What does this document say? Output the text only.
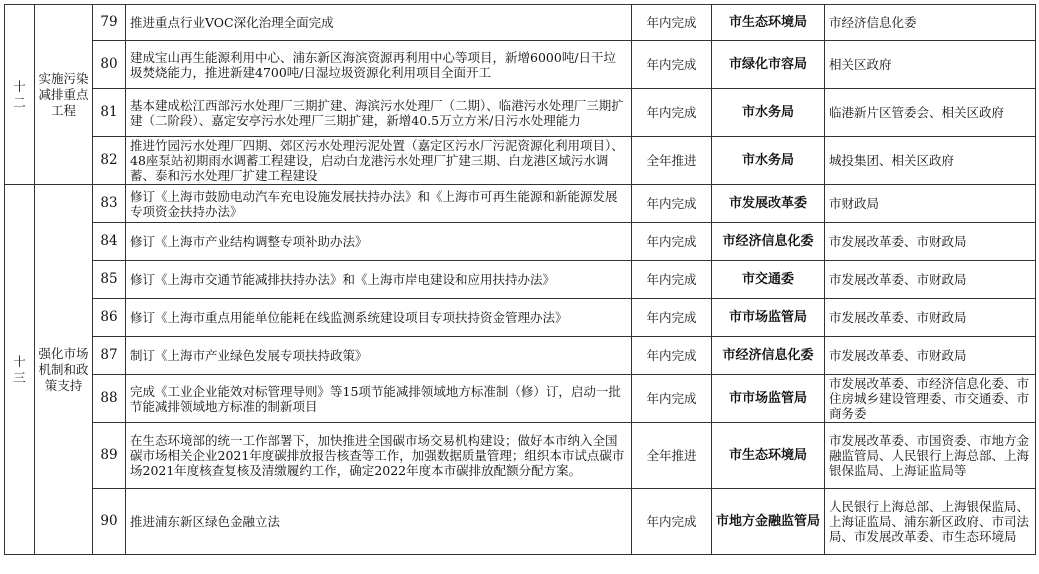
十二	实施污染减排重点工程	79	推进重点行业VOC深化治理全面完成	年内完成	市生态环境局	市经济信息化委
		80	建成宝山再生能源利用中心、浦东新区海滨资源再利用中心等项目，新增6000吨/日干垃圾焚烧能力，推进新建4700吨/日湿垃圾资源化利用项目全面开工	年内完成	市绿化市容局	相关区政府
		81	基本建成松江西部污水处理厂三期扩建、海滨污水处理厂（二期）、临港污水处理厂三期扩建（二阶段）、嘉定安亭污水处理厂三期扩建，新增40.5万立方米/日污水处理能力	年内完成	市水务局	临港新片区管委会、相关区政府
		82	推进竹园污水处理厂四期、郊区污水处理污泥处置（嘉定区污水厂污泥资源化利用项目）、48座泵站初期雨水调蓄工程建设，启动白龙港污水处理厂扩建三期、白龙港区域污水调蓄、泰和污水处理厂扩建工程建设	全年推进	市水务局	城投集团、相关区政府

十三	强化市场机制和政策支持	83	修订《上海市鼓励电动汽车充电设施发展扶持办法》和《上海市可再生能源和新能源发展专项资金扶持办法》	年内完成	市发展改革委	市财政局
		84	修订《上海市产业结构调整专项补助办法》	年内完成	市经济信息化委	市发展改革委、市财政局
		85	修订《上海市交通节能减排扶持办法》和《上海市岸电建设和应用扶持办法》	年内完成	市交通委	市发展改革委、市财政局
		86	修订《上海市重点用能单位能耗在线监测系统建设项目专项扶持资金管理办法》	年内完成	市市场监管局	市发展改革委、市财政局
		87	制订《上海市产业绿色发展专项扶持政策》	年内完成	市经济信息化委	市发展改革委、市财政局
		88	完成《工业企业能效对标管理导则》等15项节能减排领域地方标准制（修）订，启动一批节能减排领域地方标准的制新项目	年内完成	市市场监管局	市发展改革委、市经济信息化委、市住房城乡建设管理委、市交通委、市商务委
		89	在生态环境部的统一工作部署下，加快推进全国碳市场交易机构建设；做好本市纳入全国碳市场相关企业2021年度碳排放报告核查等工作，加强数据质量管理；组织本市试点碳市场2021年度核查复核及清缴履约工作，确定2022年度本市碳排放配额分配方案。	全年推进	市生态环境局	市发展改革委、市国资委、市地方金融监管局、人民银行上海总部、上海银保监局、上海证监局等
		90	推进浦东新区绿色金融立法	年内完成	市地方金融监管局	人民银行上海总部、上海银保监局、上海证监局、浦东新区政府、市司法局、市发展改革委、市生态环境局
